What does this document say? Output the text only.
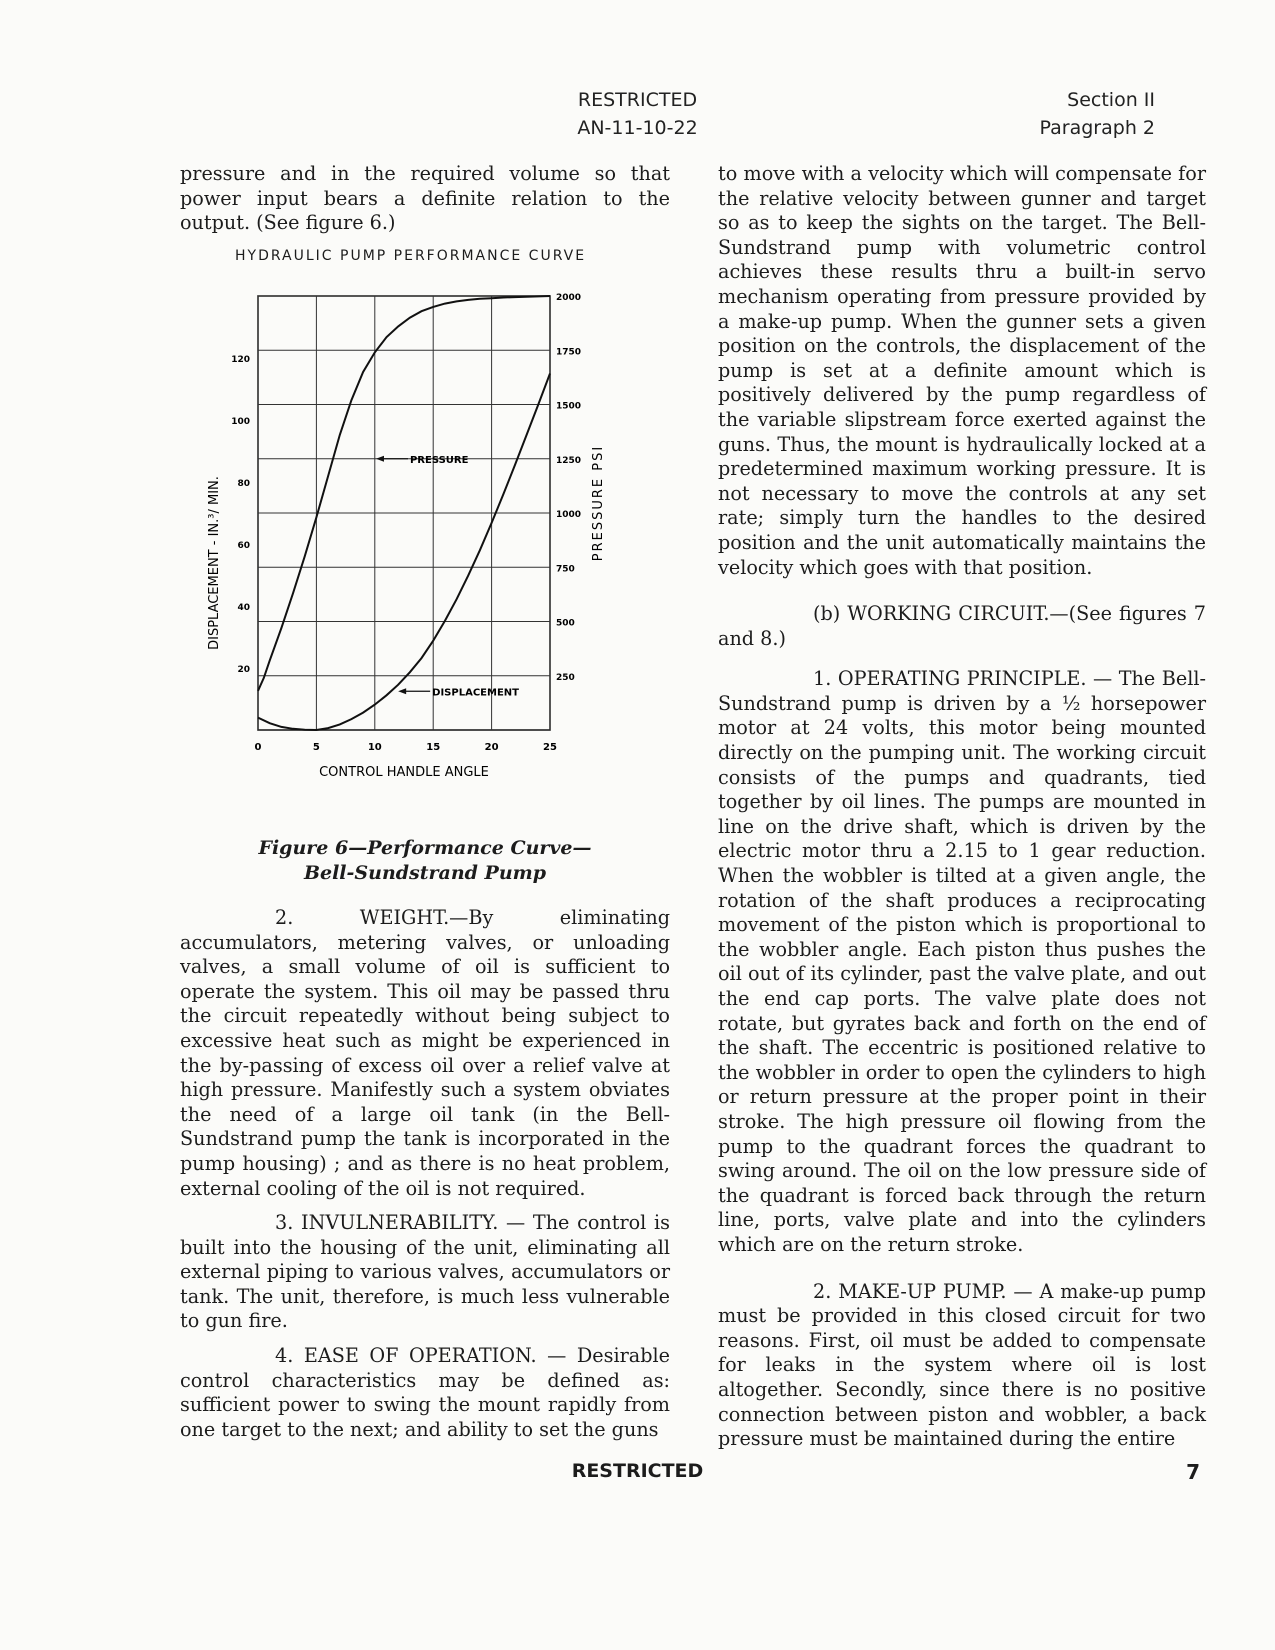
RESTRICTED
AN-11-10-22
Section II
Paragraph 2

pressure and in the required volume so that power input bears a definite relation to the output. (See figure 6.)

HYDRAULIC PUMP PERFORMANCE CURVE
0	5	10	15	20	25
250
500
750
1000
1250
1500
1750
2000
20
40
60
80
100
120
CONTROL HANDLE ANGLE
DISPLACEMENT - IN.³/ MIN.	PRESSURE PSI
PRESSURE
DISPLACEMENT
Figure 6—Performance Curve—
Bell-Sundstrand Pump

2. WEIGHT.—By eliminating accumulators, metering valves, or unloading valves, a small volume of oil is sufficient to operate the system. This oil may be passed thru the circuit repeatedly without being subject to excessive heat such as might be experienced in the by-passing of excess oil over a relief valve at high pressure. Manifestly such a system obviates the need of a large oil tank (in the Bell-Sundstrand pump the tank is incorporated in the pump housing) ; and as there is no heat problem, external cooling of the oil is not required.

3. INVULNERABILITY. — The control is built into the housing of the unit, eliminating all external piping to various valves, accumulators or tank. The unit, therefore, is much less vulnerable to gun fire.

4. EASE OF OPERATION. — Desirable control characteristics may be defined as: sufficient power to swing the mount rapidly from one target to the next; and ability to set the guns

to move with a velocity which will compensate for the relative velocity between gunner and target so as to keep the sights on the target. The Bell-Sundstrand pump with volumetric control achieves these results thru a built-in servo mechanism operating from pressure provided by a make-up pump. When the gunner sets a given position on the controls, the displacement of the pump is set at a definite amount which is positively delivered by the pump regardless of the variable slipstream force exerted against the guns. Thus, the mount is hydraulically locked at a predetermined maximum working pressure. It is not necessary to move the controls at any set rate; simply turn the handles to the desired position and the unit automatically maintains the velocity which goes with that position.

(b) WORKING CIRCUIT.—(See figures 7 and 8.)

1. OPERATING PRINCIPLE. — The Bell-Sundstrand pump is driven by a ½ horsepower motor at 24 volts, this motor being mounted directly on the pumping unit. The working circuit consists of the pumps and quadrants, tied together by oil lines. The pumps are mounted in line on the drive shaft, which is driven by the electric motor thru a 2.15 to 1 gear reduction. When the wobbler is tilted at a given angle, the rotation of the shaft produces a reciprocating movement of the piston which is proportional to the wobbler angle. Each piston thus pushes the oil out of its cylinder, past the valve plate, and out the end cap ports. The valve plate does not rotate, but gyrates back and forth on the end of the shaft. The eccentric is positioned relative to the wobbler in order to open the cylinders to high or return pressure at the proper point in their stroke. The high pressure oil flowing from the pump to the quadrant forces the quadrant to swing around. The oil on the low pressure side of the quadrant is forced back through the return line, ports, valve plate and into the cylinders which are on the return stroke.

2. MAKE-UP PUMP. — A make-up pump must be provided in this closed circuit for two reasons. First, oil must be added to compensate for leaks in the system where oil is lost altogether. Secondly, since there is no positive connection between piston and wobbler, a back pressure must be maintained during the entire

RESTRICTED	7
